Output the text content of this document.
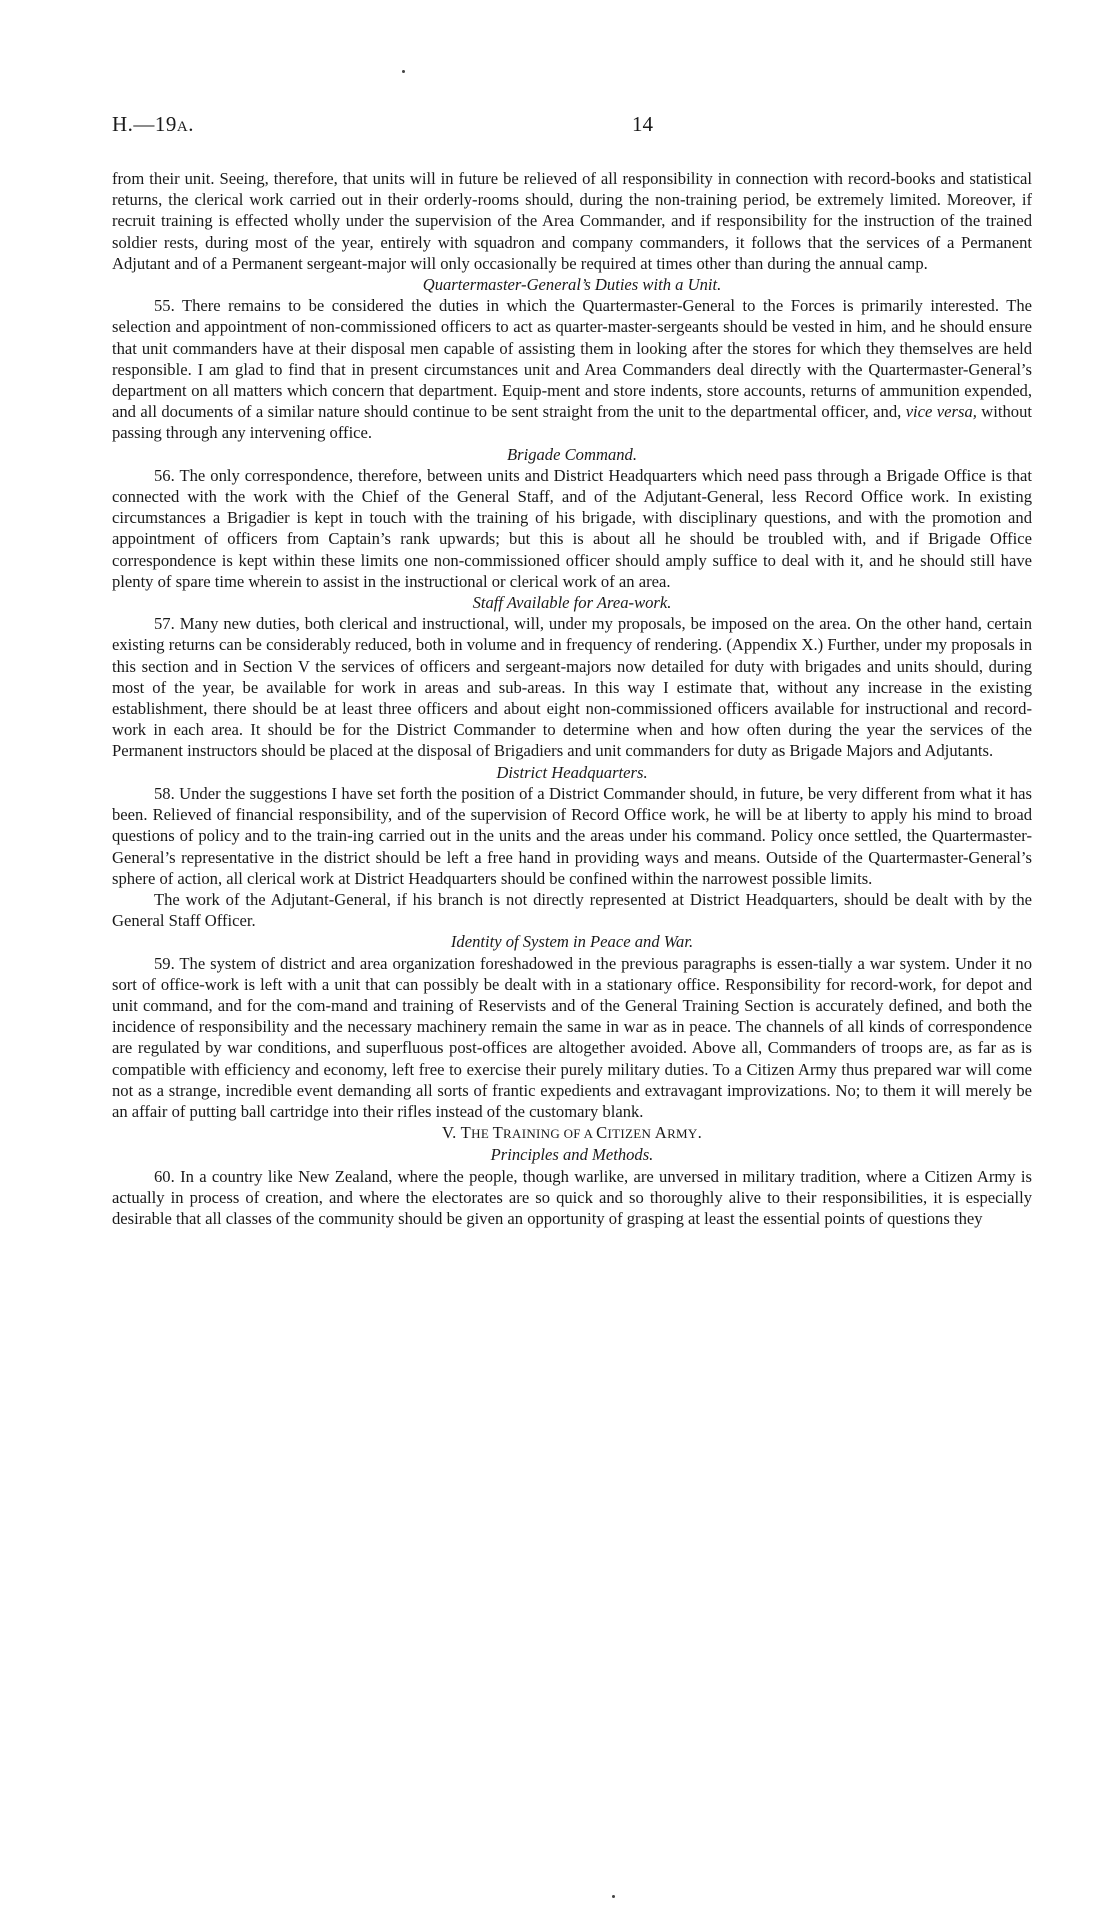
H.—19A.	14

from their unit. Seeing, therefore, that units will in future be relieved of all responsibility in connection with record-books and statistical returns, the clerical work carried out in their orderly-rooms should, during the non-training period, be extremely limited. Moreover, if recruit training is effected wholly under the supervision of the Area Commander, and if responsibility for the instruction of the trained soldier rests, during most of the year, entirely with squadron and company commanders, it follows that the services of a Permanent Adjutant and of a Permanent sergeant-major will only occasionally be required at times other than during the annual camp.

Quartermaster-General’s Duties with a Unit.

55. There remains to be considered the duties in which the Quartermaster-General to the Forces is primarily interested. The selection and appointment of non-commissioned officers to act as quarter-master-sergeants should be vested in him, and he should ensure that unit commanders have at their disposal men capable of assisting them in looking after the stores for which they themselves are held responsible. I am glad to find that in present circumstances unit and Area Commanders deal directly with the Quartermaster-General’s department on all matters which concern that department. Equip-ment and store indents, store accounts, returns of ammunition expended, and all documents of a similar nature should continue to be sent straight from the unit to the departmental officer, and, vice versa, without passing through any intervening office.

Brigade Command.

56. The only correspondence, therefore, between units and District Headquarters which need pass through a Brigade Office is that connected with the work with the Chief of the General Staff, and of the Adjutant-General, less Record Office work. In existing circumstances a Brigadier is kept in touch with the training of his brigade, with disciplinary questions, and with the promotion and appointment of officers from Captain’s rank upwards; but this is about all he should be troubled with, and if Brigade Office correspondence is kept within these limits one non-commissioned officer should amply suffice to deal with it, and he should still have plenty of spare time wherein to assist in the instructional or clerical work of an area.

Staff Available for Area-work.

57. Many new duties, both clerical and instructional, will, under my proposals, be imposed on the area. On the other hand, certain existing returns can be considerably reduced, both in volume and in frequency of rendering. (Appendix X.) Further, under my proposals in this section and in Section V the services of officers and sergeant-majors now detailed for duty with brigades and units should, during most of the year, be available for work in areas and sub-areas. In this way I estimate that, without any increase in the existing establishment, there should be at least three officers and about eight non-commissioned officers available for instructional and record-work in each area. It should be for the District Commander to determine when and how often during the year the services of the Permanent instructors should be placed at the disposal of Brigadiers and unit commanders for duty as Brigade Majors and Adjutants.

District Headquarters.

58. Under the suggestions I have set forth the position of a District Commander should, in future, be very different from what it has been. Relieved of financial responsibility, and of the supervision of Record Office work, he will be at liberty to apply his mind to broad questions of policy and to the train-ing carried out in the units and the areas under his command. Policy once settled, the Quartermaster-General’s representative in the district should be left a free hand in providing ways and means. Outside of the Quartermaster-General’s sphere of action, all clerical work at District Headquarters should be confined within the narrowest possible limits.

The work of the Adjutant-General, if his branch is not directly represented at District Headquarters, should be dealt with by the General Staff Officer.

Identity of System in Peace and War.

59. The system of district and area organization foreshadowed in the previous paragraphs is essen-tially a war system. Under it no sort of office-work is left with a unit that can possibly be dealt with in a stationary office. Responsibility for record-work, for depot and unit command, and for the com-mand and training of Reservists and of the General Training Section is accurately defined, and both the incidence of responsibility and the necessary machinery remain the same in war as in peace. The channels of all kinds of correspondence are regulated by war conditions, and superfluous post-offices are altogether avoided. Above all, Commanders of troops are, as far as is compatible with efficiency and economy, left free to exercise their purely military duties. To a Citizen Army thus prepared war will come not as a strange, incredible event demanding all sorts of frantic expedients and extravagant improvizations. No; to them it will merely be an affair of putting ball cartridge into their rifles instead of the customary blank.

V. THE TRAINING OF A CITIZEN ARMY.

Principles and Methods.

60. In a country like New Zealand, where the people, though warlike, are unversed in military tradition, where a Citizen Army is actually in process of creation, and where the electorates are so quick and so thoroughly alive to their responsibilities, it is especially desirable that all classes of the community should be given an opportunity of grasping at least the essential points of questions they
